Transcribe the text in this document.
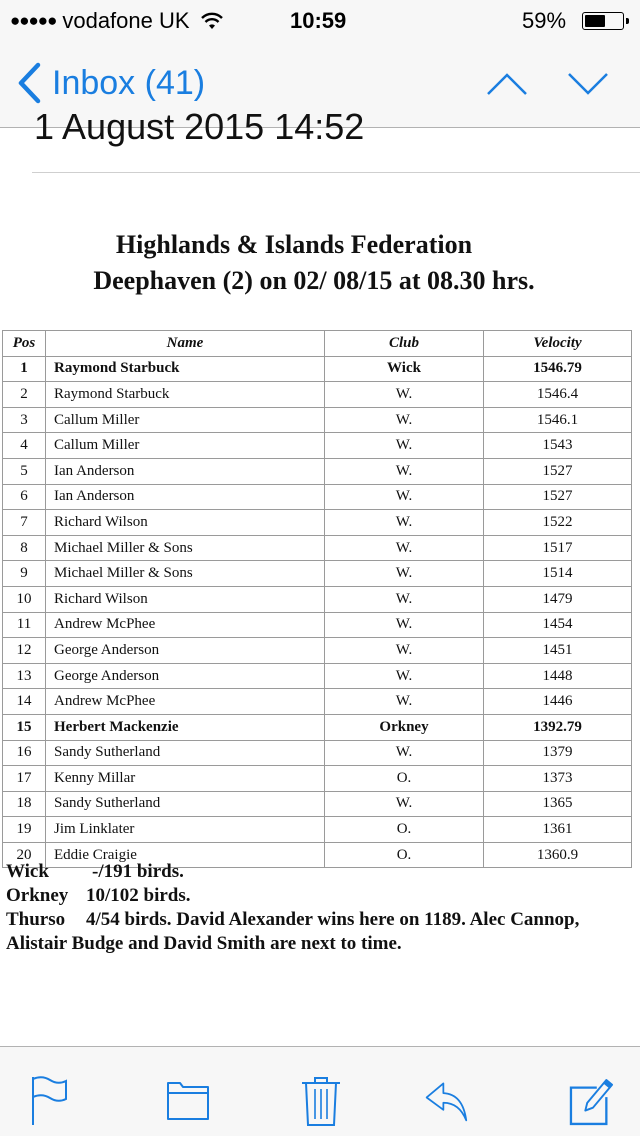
●●●●● vodafone UK	10:59	59%
Inbox (41)
1 August 2015 14:52
Highlands & Islands Federation
Deephaven (2) on 02/ 08/15 at 08.30 hrs.
Pos	Name	Club	Velocity
1	Raymond Starbuck	Wick	1546.79
2	Raymond Starbuck	W.	1546.4
3	Callum Miller	W.	1546.1
4	Callum Miller	W.	1543
5	Ian Anderson	W.	1527
6	Ian Anderson	W.	1527
7	Richard Wilson	W.	1522
8	Michael Miller & Sons	W.	1517
9	Michael Miller & Sons	W.	1514
10	Richard Wilson	W.	1479
11	Andrew McPhee	W.	1454
12	George Anderson	W.	1451
13	George Anderson	W.	1448
14	Andrew McPhee	W.	1446
15	Herbert Mackenzie	Orkney	1392.79
16	Sandy Sutherland	W.	1379
17	Kenny Millar	O.	1373
18	Sandy Sutherland	W.	1365
19	Jim Linklater	O.	1361
20	Eddie Craigie	O.	1360.9
Wick -/191 birds.
Orkney 10/102 birds.
Thurso 4/54 birds. David Alexander wins here on 1189. Alec Cannop, Alistair Budge and David Smith are next to time.
